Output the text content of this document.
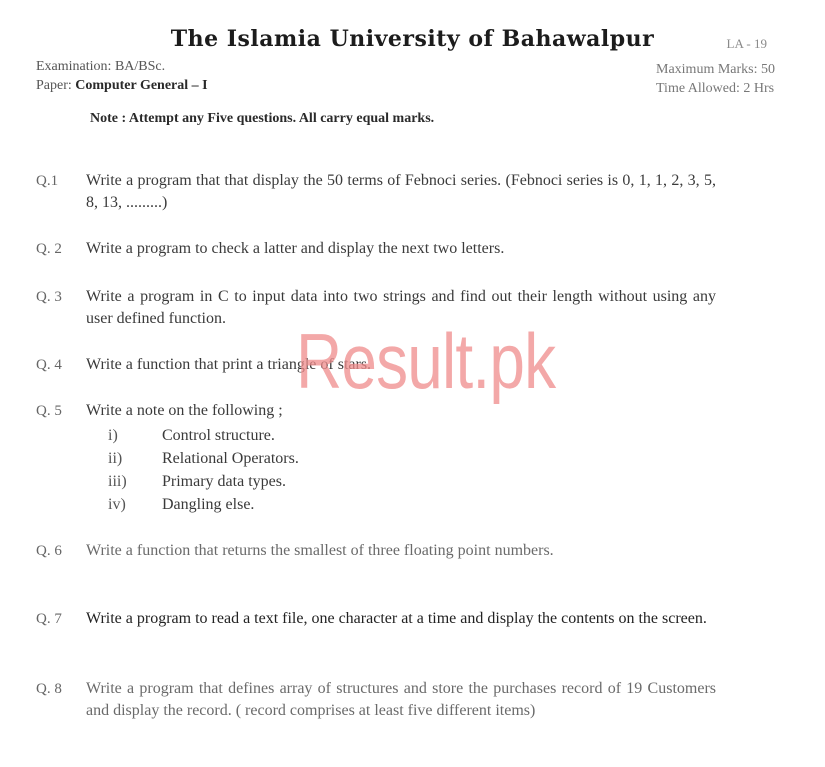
The Islamia University of Bahawalpur	LA - 19
Examination: BA/BSc.
Paper: Computer General – I
Maximum Marks: 50
Time Allowed: 2 Hrs
Note : Attempt any Five questions. All carry equal marks.
Q.1	Write a program that that display the 50 terms of Febnoci series. (Febnoci series is 0, 1, 1, 2, 3, 5, 8, 13, .........)
Q. 2	Write a program to check a latter and display the next two letters.
Q. 3	Write a program in C to input data into two strings and find out their length without using any user defined function.
Q. 4	Write a function that print a triangle of stars.
Q. 5	Write a note on the following ;
i)	Control structure.
ii)	Relational Operators.
iii)	Primary data types.
iv)	Dangling else.
Q. 6	Write a function that returns the smallest of three floating point numbers.
Q. 7	Write a program to read a text file, one character at a time and display the contents on the screen.
Q. 8	Write a program that defines array of structures and store the purchases record of 19 Customers and display the record. ( record comprises at least five different items)
Result.pk
